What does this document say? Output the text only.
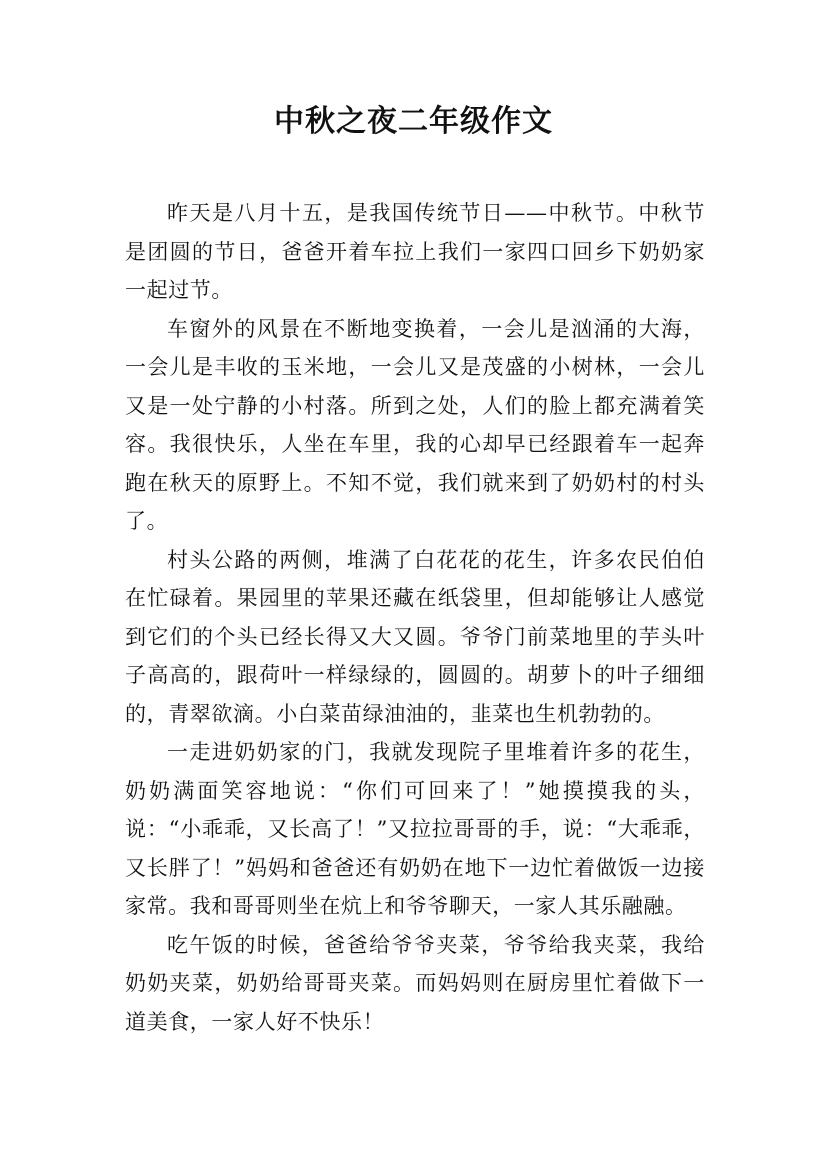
中秋之夜二年级作文

昨天是八月十五，是我国传统节日——中秋节。中秋节是团圆的节日，爸爸开着车拉上我们一家四口回乡下奶奶家一起过节。

车窗外的风景在不断地变换着，一会儿是汹涌的大海，一会儿是丰收的玉米地，一会儿又是茂盛的小树林，一会儿又是一处宁静的小村落。所到之处，人们的脸上都充满着笑容。我很快乐，人坐在车里，我的心却早已经跟着车一起奔跑在秋天的原野上。不知不觉，我们就来到了奶奶村的村头了。

村头公路的两侧，堆满了白花花的花生，许多农民伯伯在忙碌着。果园里的苹果还藏在纸袋里，但却能够让人感觉到它们的个头已经长得又大又圆。爷爷门前菜地里的芋头叶子高高的，跟荷叶一样绿绿的，圆圆的。胡萝卜的叶子细细的，青翠欲滴。小白菜苗绿油油的，韭菜也生机勃勃的。

一走进奶奶家的门，我就发现院子里堆着许多的花生，奶奶满面笑容地说：“你们可回来了！”她摸摸我的头，说：“小乖乖，又长高了！”又拉拉哥哥的手，说：“大乖乖，又长胖了！”妈妈和爸爸还有奶奶在地下一边忙着做饭一边接家常。我和哥哥则坐在炕上和爷爷聊天，一家人其乐融融。

吃午饭的时候，爸爸给爷爷夹菜，爷爷给我夹菜，我给奶奶夹菜，奶奶给哥哥夹菜。而妈妈则在厨房里忙着做下一道美食，一家人好不快乐！
